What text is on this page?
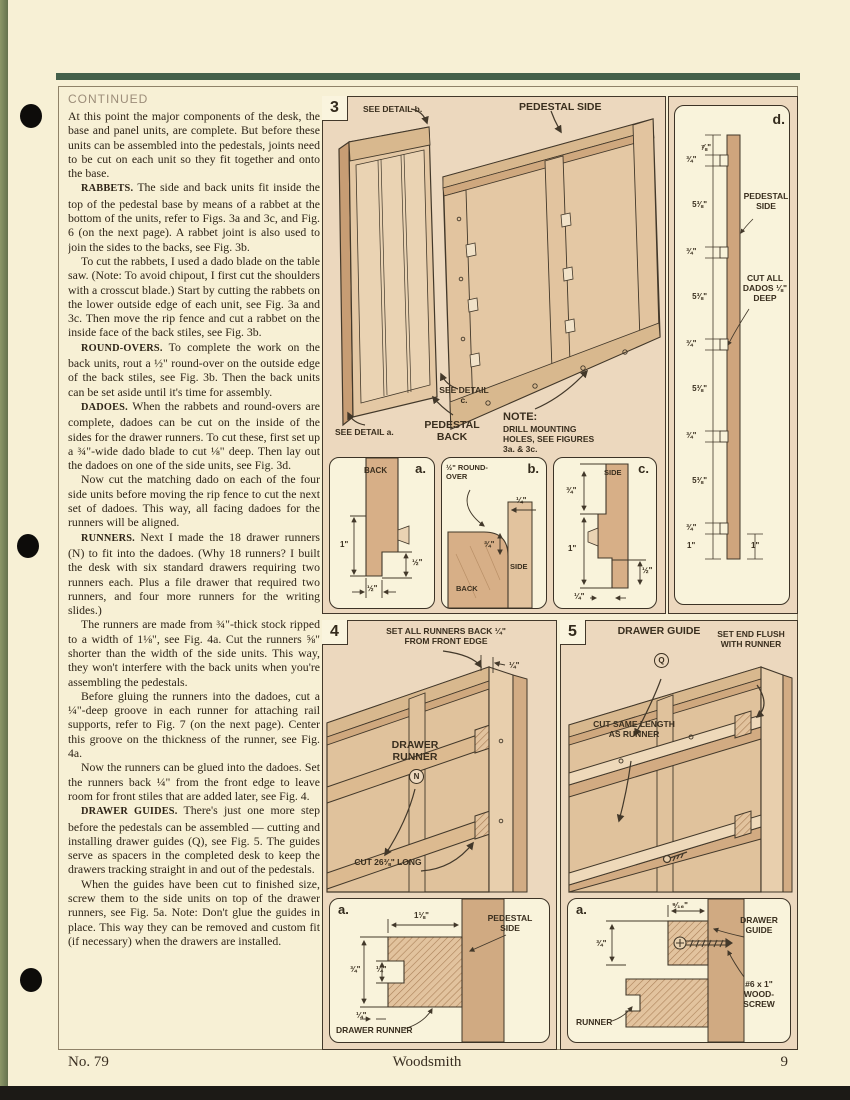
CONTINUED

At this point the major components of the desk, the base and panel units, are complete. But before these units can be assembled into the pedestals, joints need to be cut on each unit so they fit together and onto the base.

RABBETS. The side and back units fit inside the top of the pedestal base by means of a rabbet at the bottom of the units, refer to Figs. 3a and 3c, and Fig. 6 (on the next page). A rabbet joint is also used to join the sides to the backs, see Fig. 3b.

To cut the rabbets, I used a dado blade on the table saw. (Note: To avoid chipout, I first cut the shoulders with a crosscut blade.) Start by cutting the rabbets on the lower outside edge of each unit, see Fig. 3a and 3c. Then move the rip fence and cut a rabbet on the inside face of the back stiles, see Fig. 3b.

ROUND-OVERS. To complete the work on the back units, rout a ½" round-over on the outside edge of the back stiles, see Fig. 3b. Then the back units can be set aside until it's time for assembly.

DADOES. When the rabbets and round-overs are complete, dadoes can be cut on the inside of the sides for the drawer runners. To cut these, first set up a ¾"-wide dado blade to cut ⅛" deep. Then lay out the dadoes on one of the side units, see Fig. 3d.

Now cut the matching dado on each of the four side units before moving the rip fence to cut the next set of dadoes. This way, all facing dadoes for the runners will be aligned.

RUNNERS. Next I made the 18 drawer runners (N) to fit into the dadoes. (Why 18 runners? I built the desk with six standard drawers requiring two runners each. Plus a file drawer that required two runners, and four more runners for the writing slides.)

The runners are made from ¾"-thick stock ripped to a width of 1⅛", see Fig. 4a. Cut the runners ⅝" shorter than the width of the side units. This way, they won't interfere with the back units when you're assembling the pedestals.

Before gluing the runners into the dadoes, cut a ¼"-deep groove in each runner for attaching rail supports, refer to Fig. 7 (on the next page). Center this groove on the thickness of the runner, see Fig. 4a.

Now the runners can be glued into the dadoes. Set the runners back ¼" from the front edge to leave room for front stiles that are added later, see Fig. 4.

DRAWER GUIDES. There's just one more step before the pedestals can be assembled — cutting and installing drawer guides (Q), see Fig. 5. The guides serve as spacers in the completed desk to keep the drawers tracking straight in and out of the pedestals.

When the guides have been cut to finished size, screw them to the side units on top of the drawer runners, see Fig. 5a. Note: Don't glue the guides in place. This way they can be removed and custom fit (if necessary) when the drawers are installed.

3	SEE DETAIL b.	PEDESTAL SIDE
SEE DETAIL c.
SEE DETAIL a.
PEDESTAL BACK
NOTE:
DRILL MOUNTING HOLES, SEE FIGURES 3a. & 3c.
a.
BACK
1"
½"
½"
b.
½" ROUND-OVER
¼"
¾"
SIDE
BACK
c.
SIDE
¾"
1"
½"
¼"
d.
⅞"
¾"
5⅜"
¾"
5⅜"
¾"
5⅜"
¾"
5⅜"
¾"
1"	1"
PEDESTAL SIDE
CUT ALL DADOS ⅛" DEEP
4	SET ALL RUNNERS BACK ¼" FROM FRONT EDGE
¼"
DRAWER RUNNER
N
CUT 26⅜" LONG
a.	1⅛"
¾" ¼"
¼"
PEDESTAL SIDE
DRAWER RUNNER
5	DRAWER GUIDE
Q
SET END FLUSH WITH RUNNER
CUT SAME LENGTH AS RUNNER
a.	⁹⁄₁₆"
¾"
DRAWER GUIDE
#6 x 1" WOOD-SCREW
RUNNER
No. 79	Woodsmith	9
